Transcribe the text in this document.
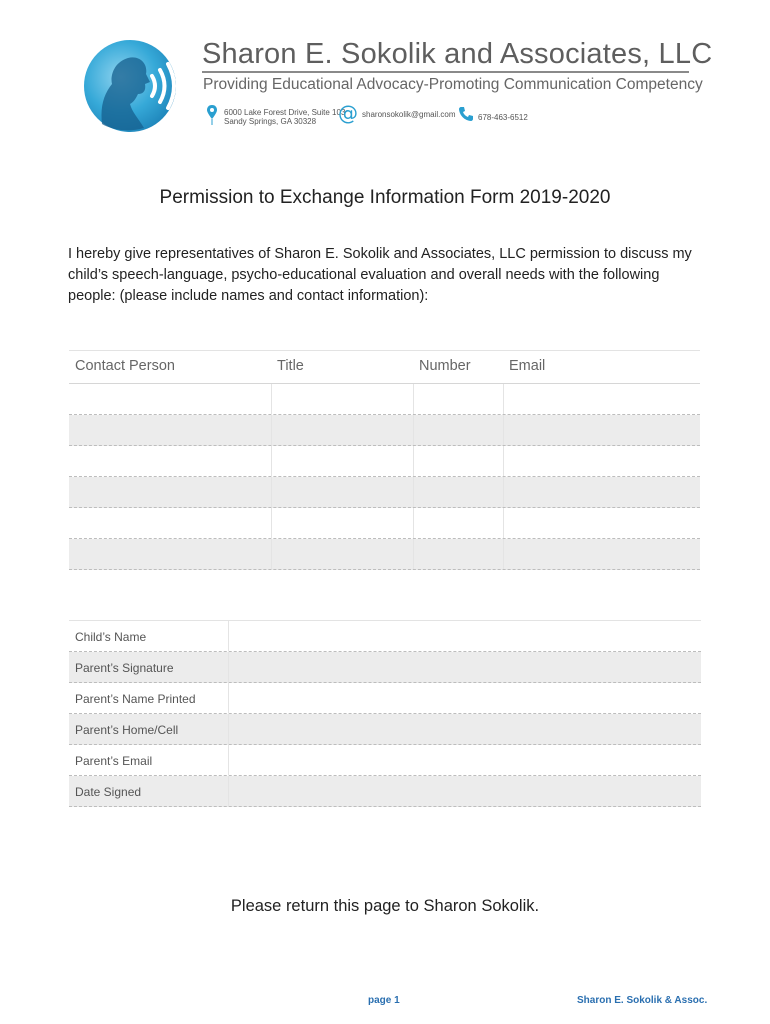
Sharon E. Sokolik and Associates, LLC
Providing Educational Advocacy-Promoting Communication Competency
6000 Lake Forest Drive, Suite 103
Sandy Springs, GA 30328 @ sharonsokolik@gmail.com	678-463-6512
Permission to Exchange Information Form 2019-2020
I hereby give representatives of Sharon E. Sokolik and Associates, LLC permission to discuss my child’s speech-language, psycho-educational evaluation and overall needs with the following people: (please include names and contact information):
Contact Person	Title	Number	Email
Child’s Name
Parent’s Signature
Parent’s Name Printed
Parent’s Home/Cell
Parent’s Email
Date Signed
Please return this page to Sharon Sokolik.
page 1	Sharon E. Sokolik & Assoc.
